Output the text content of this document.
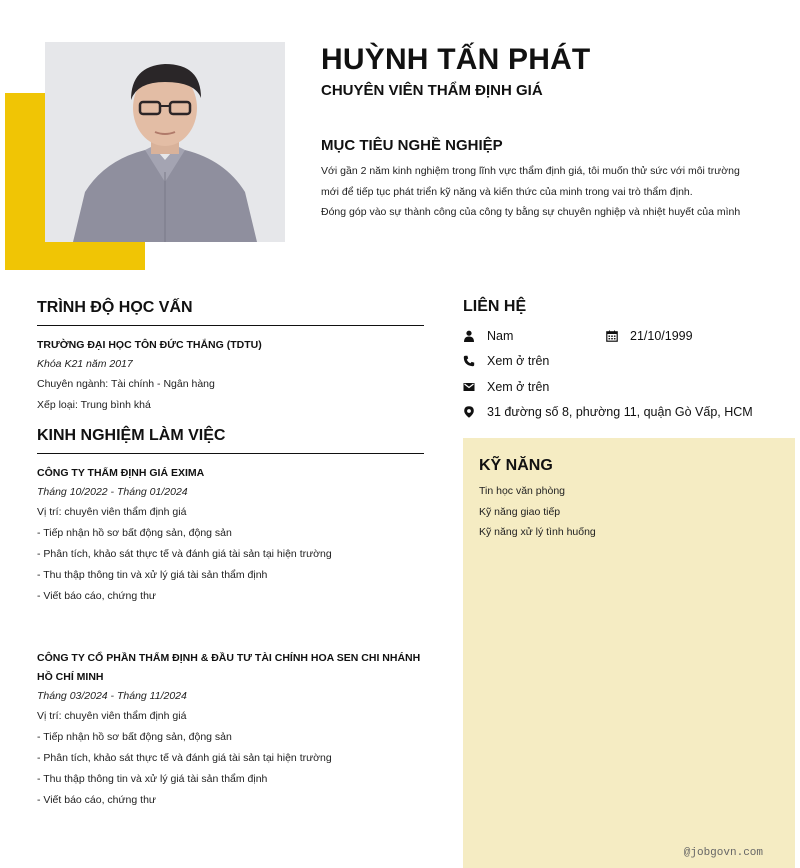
HUỲNH TẤN PHÁT
CHUYÊN VIÊN THẨM ĐỊNH GIÁ
MỤC TIÊU NGHỀ NGHIỆP

Với gần 2 năm kinh nghiệm trong lĩnh vực thẩm định giá, tôi muốn thử sức với môi trường

mới để tiếp tục phát triển kỹ năng và kiến thức của minh trong vai trò thẩm định.

Đóng góp vào sự thành công của công ty bằng sự chuyên nghiệp và nhiệt huyết của mình

TRÌNH ĐỘ HỌC VẤN
TRƯỜNG ĐẠI HỌC TÔN ĐỨC THẮNG (TDTU)
Khóa K21 năm 2017
Chuyên ngành: Tài chính - Ngân hàng
Xếp loại: Trung bình khá
KINH NGHIỆM LÀM VIỆC
CÔNG TY THẨM ĐỊNH GIÁ EXIMA
Tháng 10/2022 - Tháng 01/2024
Vị trí: chuyên viên thẩm định giá
- Tiếp nhận hồ sơ bất động sản, động sản
- Phân tích, khảo sát thực tế và đánh giá tài sản tại hiện trường
- Thu thập thông tin và xử lý giá tài sản thẩm định
- Viết báo cáo, chứng thư
CÔNG TY CỔ PHẦN THẨM ĐỊNH & ĐẦU TƯ TÀI CHÍNH HOA SEN CHI NHÁNH HỒ CHÍ MINH
Tháng 03/2024 - Tháng 11/2024
Vị trí: chuyên viên thẩm định giá
- Tiếp nhận hồ sơ bất động sản, động sản
- Phân tích, khảo sát thực tế và đánh giá tài sản tại hiện trường
- Thu thập thông tin và xử lý giá tài sản thẩm định
- Viết báo cáo, chứng thư
LIÊN HỆ
Nam	21/10/1999
Xem ở trên
Xem ở trên
31 đường số 8, phường 11, quận Gò Vấp, HCM
KỸ NĂNG
Tin học văn phòng
Kỹ năng giao tiếp
Kỹ năng xử lý tình huống
@jobgovn.com
